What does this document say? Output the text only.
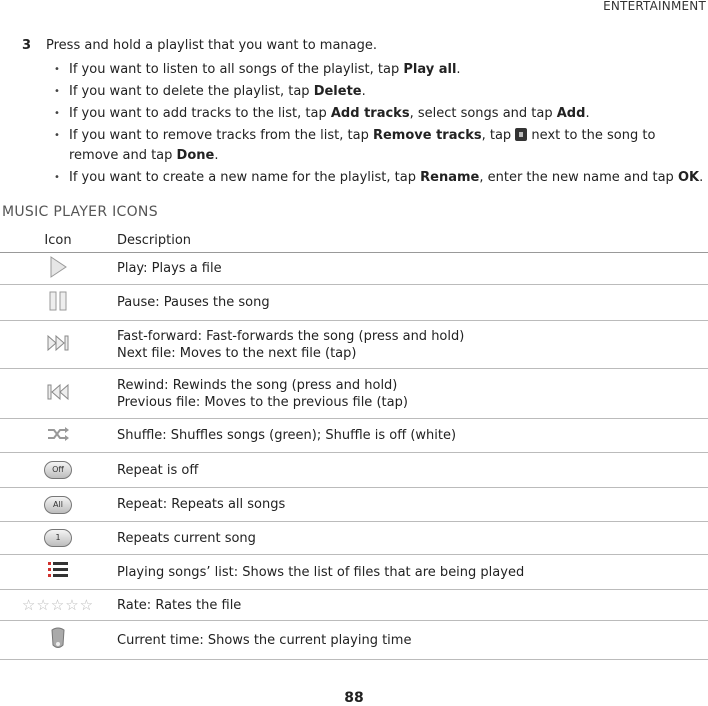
ENTERTAINMENT
3 Press and hold a playlist that you want to manage.
• If you want to listen to all songs of the playlist, tap Play all.
• If you want to delete the playlist, tap Delete.
• If you want to add tracks to the list, tap Add tracks, select songs and tap Add.
• If you want to remove tracks from the list, tap Remove tracks, tap  next to the song to remove and tap Done.
• If you want to create a new name for the playlist, tap Rename, enter the new name and tap OK.
MUSIC PLAYER ICONS
Icon	Description
	Play: Plays a file
	Pause: Pauses the song

Fast-forward: Fast-forwards the song (press and hold)
Next file: Moves to the next file (tap)

Rewind: Rewinds the song (press and hold)
Previous file: Moves to the previous file (tap)

	Shuffle: Shuffles songs (green); Shuffle is off (white)
Off	Repeat is off
All	Repeat: Repeats all songs
1	Repeats current song
	Playing songs’ list: Shows the list of files that are being played
☆☆☆☆☆	Rate: Rates the file
	Current time: Shows the current playing time
88
